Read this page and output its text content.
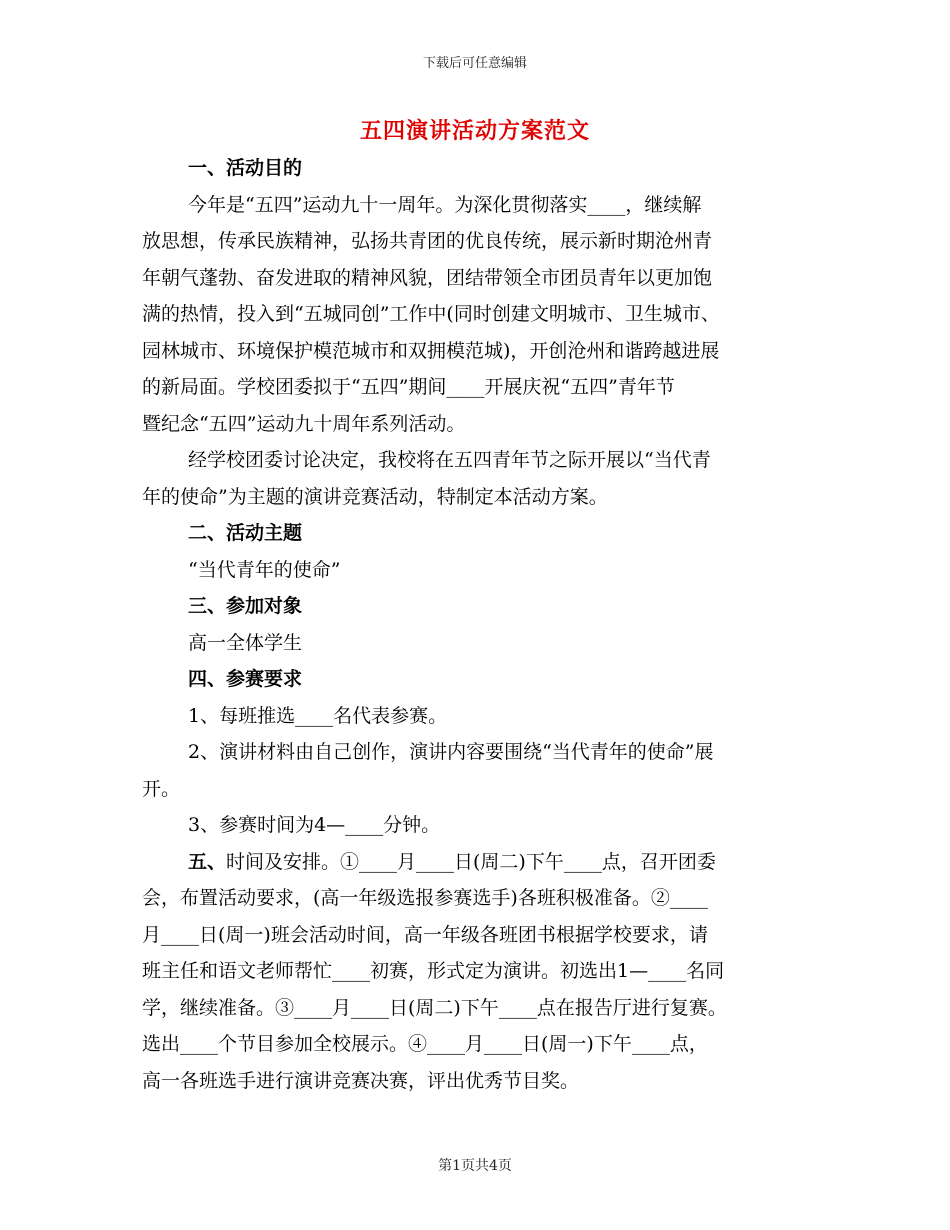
下载后可任意编辑
五四演讲活动方案范文
一、活动目的
今年是“五四”运动九十一周年。为深化贯彻落实____，继续解
放思想，传承民族精神，弘扬共青团的优良传统，展示新时期沧州青
年朝气蓬勃、奋发进取的精神风貌，团结带领全市团员青年以更加饱
满的热情，投入到“五城同创”工作中(同时创建文明城市、卫生城市、
园林城市、环境保护模范城市和双拥模范城)，开创沧州和谐跨越进展
的新局面。学校团委拟于“五四”期间____开展庆祝“五四”青年节
暨纪念“五四”运动九十周年系列活动。
经学校团委讨论决定，我校将在五四青年节之际开展以“当代青
年的使命”为主题的演讲竞赛活动，特制定本活动方案。
二、活动主题
“当代青年的使命”
三、参加对象
高一全体学生
四、参赛要求
1、每班推选____名代表参赛。
2、演讲材料由自己创作，演讲内容要围绕“当代青年的使命”展
开。
3、参赛时间为4—____分钟。
五、时间及安排。①____月____日(周二)下午____点，召开团委
会，布置活动要求，(高一年级选报参赛选手)各班积极准备。②____
月____日(周一)班会活动时间，高一年级各班团书根据学校要求，请
班主任和语文老师帮忙____初赛，形式定为演讲。初选出1—____名同
学，继续准备。③____月____日(周二)下午____点在报告厅进行复赛。
选出____个节目参加全校展示。④____月____日(周一)下午____点，
高一各班选手进行演讲竞赛决赛，评出优秀节目奖。
第1页共4页
